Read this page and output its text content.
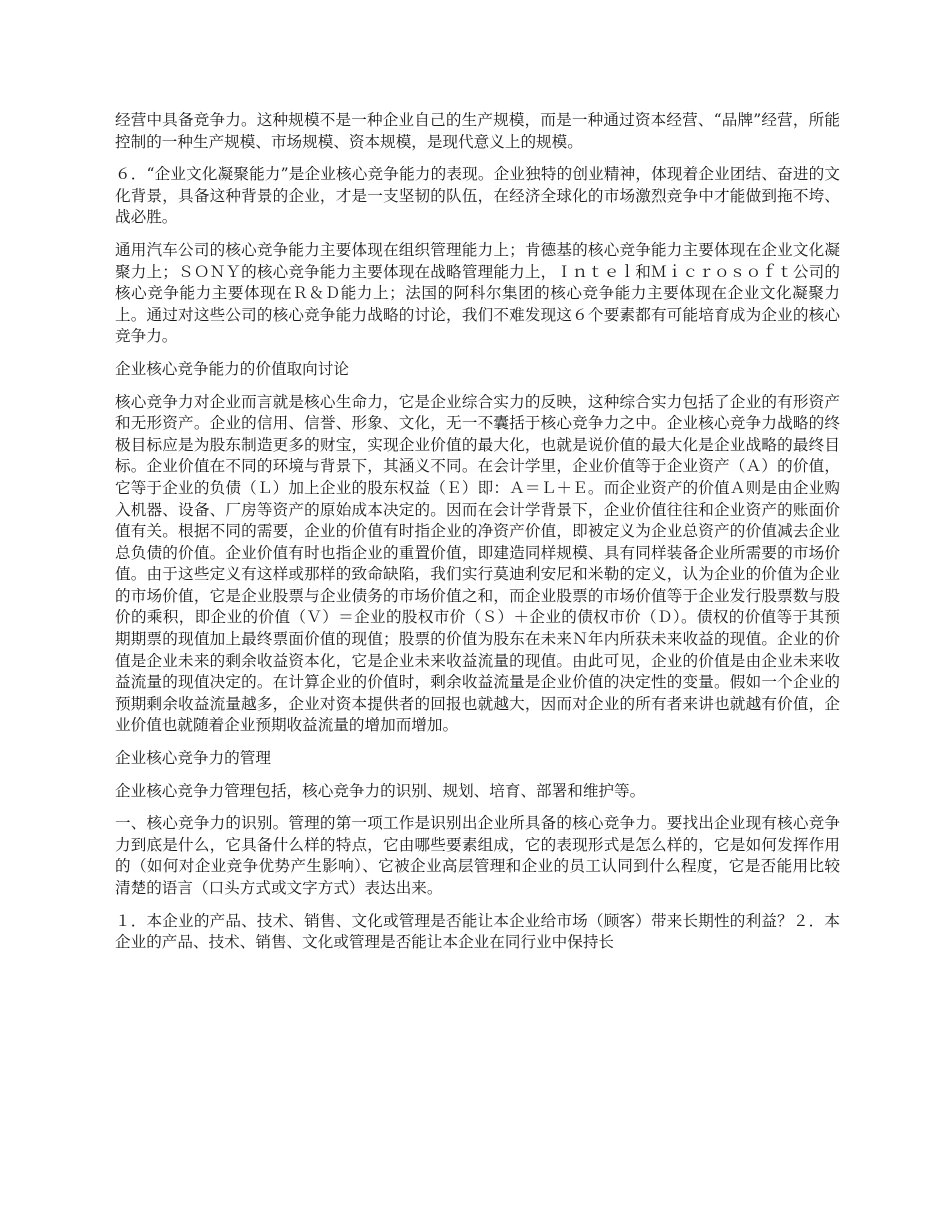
经营中具备竞争力。这种规模不是一种企业自己的生产规模，而是一种通过资本经营、“品牌”经营，所能控制的一种生产规模、市场规模、资本规模，是现代意义上的规模。

６．“企业文化凝聚能力”是企业核心竞争能力的表现。企业独特的创业精神，体现着企业团结、奋进的文化背景，具备这种背景的企业，才是一支坚韧的队伍，在经济全球化的市场激烈竞争中才能做到拖不垮、战必胜。

通用汽车公司的核心竞争能力主要体现在组织管理能力上；肯德基的核心竞争能力主要体现在企业文化凝聚力上；ＳＯＮＹ的核心竞争能力主要体现在战略管理能力上，Ｉｎｔｅｌ和Ｍｉｃｒｏｓｏｆｔ公司的核心竞争能力主要体现在Ｒ＆Ｄ能力上；法国的阿科尔集团的核心竞争能力主要体现在企业文化凝聚力上。通过对这些公司的核心竞争能力战略的讨论，我们不难发现这６个要素都有可能培育成为企业的核心竞争力。

企业核心竞争能力的价值取向讨论

核心竞争力对企业而言就是核心生命力，它是企业综合实力的反映，这种综合实力包括了企业的有形资产和无形资产。企业的信用、信誉、形象、文化，无一不囊括于核心竞争力之中。企业核心竞争力战略的终极目标应是为股东制造更多的财宝，实现企业价值的最大化，也就是说价值的最大化是企业战略的最终目标。企业价值在不同的环境与背景下，其涵义不同。在会计学里，企业价值等于企业资产（Ａ）的价值，它等于企业的负债（Ｌ）加上企业的股东权益（Ｅ）即：Ａ＝Ｌ＋Ｅ。而企业资产的价值Ａ则是由企业购入机器、设备、厂房等资产的原始成本决定的。因而在会计学背景下，企业价值往往和企业资产的账面价值有关。根据不同的需要，企业的价值有时指企业的净资产价值，即被定义为企业总资产的价值减去企业总负债的价值。企业价值有时也指企业的重置价值，即建造同样规模、具有同样装备企业所需要的市场价值。由于这些定义有这样或那样的致命缺陷，我们实行莫迪利安尼和米勒的定义，认为企业的价值为企业的市场价值，它是企业股票与企业债务的市场价值之和，而企业股票的市场价值等于企业发行股票数与股价的乘积，即企业的价值（Ｖ）＝企业的股权市价（Ｓ）＋企业的债权市价（Ｄ）。债权的价值等于其预期期票的现值加上最终票面价值的现值；股票的价值为股东在未来Ｎ年内所获未来收益的现值。企业的价值是企业未来的剩余收益资本化，它是企业未来收益流量的现值。由此可见，企业的价值是由企业未来收益流量的现值决定的。在计算企业的价值时，剩余收益流量是企业价值的决定性的变量。假如一个企业的预期剩余收益流量越多，企业对资本提供者的回报也就越大，因而对企业的所有者来讲也就越有价值，企业价值也就随着企业预期收益流量的增加而增加。

企业核心竞争力的管理

企业核心竞争力管理包括，核心竞争力的识别、规划、培育、部署和维护等。

一、核心竞争力的识别。管理的第一项工作是识别出企业所具备的核心竞争力。要找出企业现有核心竞争力到底是什么，它具备什么样的特点，它由哪些要素组成，它的表现形式是怎么样的，它是如何发挥作用的（如何对企业竞争优势产生影响）、它被企业高层管理和企业的员工认同到什么程度，它是否能用比较清楚的语言（口头方式或文字方式）表达出来。

１．本企业的产品、技术、销售、文化或管理是否能让本企业给市场（顾客）带来长期性的利益？２．本企业的产品、技术、销售、文化或管理是否能让本企业在同行业中保持长
